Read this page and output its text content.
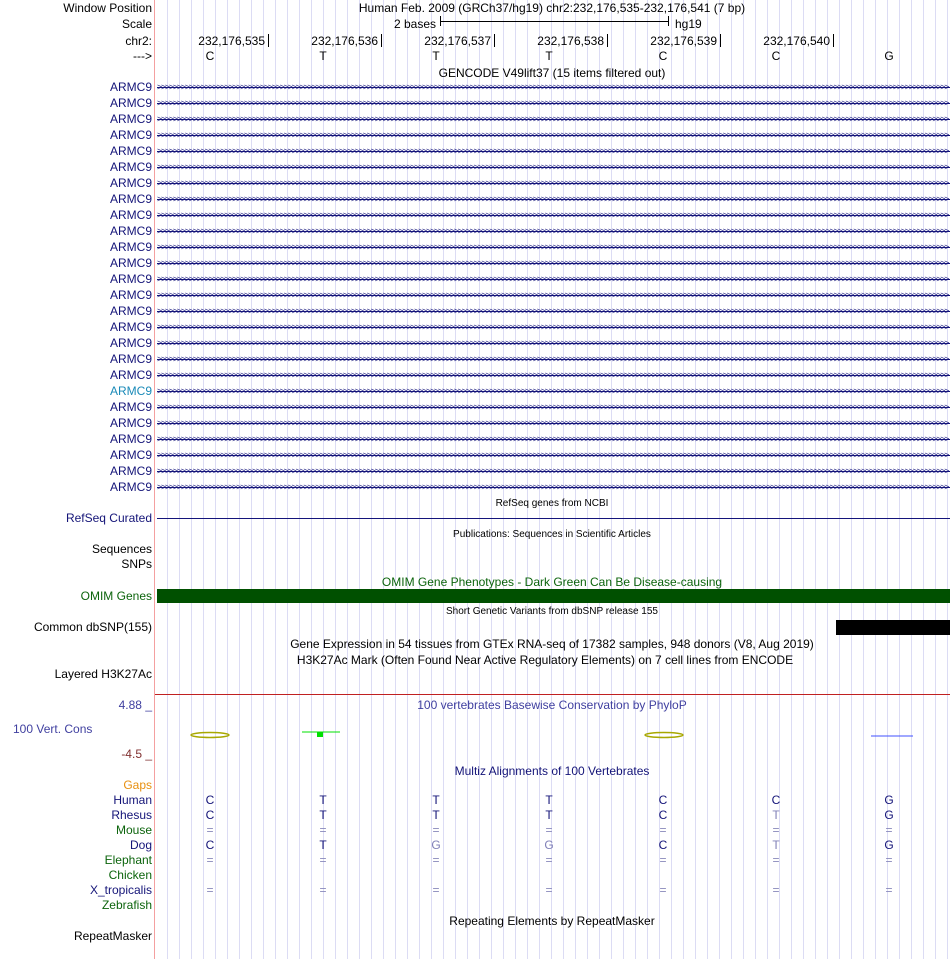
Window Position	Human Feb. 2009 (GRCh37/hg19) chr2:232,176,535-232,176,541 (7 bp)
Scale	2 bases	hg19
chr2:
--->
GENCODE V49lift37 (15 items filtered out)
ARMC9 >>>>>>>>>>>>>>>>>>>>>>>>>>>>>>>>>>>>>>>>>>>>>>>>>>>>>>>>>>>>>>>>>>>>>>>>>>>>>>>>>>>>>>>>>>>>>>>>>>>>>>>>>>>>>>>>>>>>>>>>>>>>>>>>>>>>>>>>>>>>>>>>>>>>>>>>>>>>>>>>>>>>>>>>>>>>>>>>>>>>>>>>>>>>>>>>>>>>>>>>
ARMC9 >>>>>>>>>>>>>>>>>>>>>>>>>>>>>>>>>>>>>>>>>>>>>>>>>>>>>>>>>>>>>>>>>>>>>>>>>>>>>>>>>>>>>>>>>>>>>>>>>>>>>>>>>>>>>>>>>>>>>>>>>>>>>>>>>>>>>>>>>>>>>>>>>>>>>>>>>>>>>>>>>>>>>>>>>>>>>>>>>>>>>>>>>>>>>>>>>>>>>>>>
ARMC9 >>>>>>>>>>>>>>>>>>>>>>>>>>>>>>>>>>>>>>>>>>>>>>>>>>>>>>>>>>>>>>>>>>>>>>>>>>>>>>>>>>>>>>>>>>>>>>>>>>>>>>>>>>>>>>>>>>>>>>>>>>>>>>>>>>>>>>>>>>>>>>>>>>>>>>>>>>>>>>>>>>>>>>>>>>>>>>>>>>>>>>>>>>>>>>>>>>>>>>>>
ARMC9 >>>>>>>>>>>>>>>>>>>>>>>>>>>>>>>>>>>>>>>>>>>>>>>>>>>>>>>>>>>>>>>>>>>>>>>>>>>>>>>>>>>>>>>>>>>>>>>>>>>>>>>>>>>>>>>>>>>>>>>>>>>>>>>>>>>>>>>>>>>>>>>>>>>>>>>>>>>>>>>>>>>>>>>>>>>>>>>>>>>>>>>>>>>>>>>>>>>>>>>>
ARMC9 >>>>>>>>>>>>>>>>>>>>>>>>>>>>>>>>>>>>>>>>>>>>>>>>>>>>>>>>>>>>>>>>>>>>>>>>>>>>>>>>>>>>>>>>>>>>>>>>>>>>>>>>>>>>>>>>>>>>>>>>>>>>>>>>>>>>>>>>>>>>>>>>>>>>>>>>>>>>>>>>>>>>>>>>>>>>>>>>>>>>>>>>>>>>>>>>>>>>>>>>
ARMC9 >>>>>>>>>>>>>>>>>>>>>>>>>>>>>>>>>>>>>>>>>>>>>>>>>>>>>>>>>>>>>>>>>>>>>>>>>>>>>>>>>>>>>>>>>>>>>>>>>>>>>>>>>>>>>>>>>>>>>>>>>>>>>>>>>>>>>>>>>>>>>>>>>>>>>>>>>>>>>>>>>>>>>>>>>>>>>>>>>>>>>>>>>>>>>>>>>>>>>>>>
ARMC9 >>>>>>>>>>>>>>>>>>>>>>>>>>>>>>>>>>>>>>>>>>>>>>>>>>>>>>>>>>>>>>>>>>>>>>>>>>>>>>>>>>>>>>>>>>>>>>>>>>>>>>>>>>>>>>>>>>>>>>>>>>>>>>>>>>>>>>>>>>>>>>>>>>>>>>>>>>>>>>>>>>>>>>>>>>>>>>>>>>>>>>>>>>>>>>>>>>>>>>>>
ARMC9 >>>>>>>>>>>>>>>>>>>>>>>>>>>>>>>>>>>>>>>>>>>>>>>>>>>>>>>>>>>>>>>>>>>>>>>>>>>>>>>>>>>>>>>>>>>>>>>>>>>>>>>>>>>>>>>>>>>>>>>>>>>>>>>>>>>>>>>>>>>>>>>>>>>>>>>>>>>>>>>>>>>>>>>>>>>>>>>>>>>>>>>>>>>>>>>>>>>>>>>>
ARMC9 >>>>>>>>>>>>>>>>>>>>>>>>>>>>>>>>>>>>>>>>>>>>>>>>>>>>>>>>>>>>>>>>>>>>>>>>>>>>>>>>>>>>>>>>>>>>>>>>>>>>>>>>>>>>>>>>>>>>>>>>>>>>>>>>>>>>>>>>>>>>>>>>>>>>>>>>>>>>>>>>>>>>>>>>>>>>>>>>>>>>>>>>>>>>>>>>>>>>>>>>
ARMC9 >>>>>>>>>>>>>>>>>>>>>>>>>>>>>>>>>>>>>>>>>>>>>>>>>>>>>>>>>>>>>>>>>>>>>>>>>>>>>>>>>>>>>>>>>>>>>>>>>>>>>>>>>>>>>>>>>>>>>>>>>>>>>>>>>>>>>>>>>>>>>>>>>>>>>>>>>>>>>>>>>>>>>>>>>>>>>>>>>>>>>>>>>>>>>>>>>>>>>>>>
ARMC9 >>>>>>>>>>>>>>>>>>>>>>>>>>>>>>>>>>>>>>>>>>>>>>>>>>>>>>>>>>>>>>>>>>>>>>>>>>>>>>>>>>>>>>>>>>>>>>>>>>>>>>>>>>>>>>>>>>>>>>>>>>>>>>>>>>>>>>>>>>>>>>>>>>>>>>>>>>>>>>>>>>>>>>>>>>>>>>>>>>>>>>>>>>>>>>>>>>>>>>>>
ARMC9 >>>>>>>>>>>>>>>>>>>>>>>>>>>>>>>>>>>>>>>>>>>>>>>>>>>>>>>>>>>>>>>>>>>>>>>>>>>>>>>>>>>>>>>>>>>>>>>>>>>>>>>>>>>>>>>>>>>>>>>>>>>>>>>>>>>>>>>>>>>>>>>>>>>>>>>>>>>>>>>>>>>>>>>>>>>>>>>>>>>>>>>>>>>>>>>>>>>>>>>>
ARMC9 >>>>>>>>>>>>>>>>>>>>>>>>>>>>>>>>>>>>>>>>>>>>>>>>>>>>>>>>>>>>>>>>>>>>>>>>>>>>>>>>>>>>>>>>>>>>>>>>>>>>>>>>>>>>>>>>>>>>>>>>>>>>>>>>>>>>>>>>>>>>>>>>>>>>>>>>>>>>>>>>>>>>>>>>>>>>>>>>>>>>>>>>>>>>>>>>>>>>>>>>
ARMC9 >>>>>>>>>>>>>>>>>>>>>>>>>>>>>>>>>>>>>>>>>>>>>>>>>>>>>>>>>>>>>>>>>>>>>>>>>>>>>>>>>>>>>>>>>>>>>>>>>>>>>>>>>>>>>>>>>>>>>>>>>>>>>>>>>>>>>>>>>>>>>>>>>>>>>>>>>>>>>>>>>>>>>>>>>>>>>>>>>>>>>>>>>>>>>>>>>>>>>>>>
ARMC9 >>>>>>>>>>>>>>>>>>>>>>>>>>>>>>>>>>>>>>>>>>>>>>>>>>>>>>>>>>>>>>>>>>>>>>>>>>>>>>>>>>>>>>>>>>>>>>>>>>>>>>>>>>>>>>>>>>>>>>>>>>>>>>>>>>>>>>>>>>>>>>>>>>>>>>>>>>>>>>>>>>>>>>>>>>>>>>>>>>>>>>>>>>>>>>>>>>>>>>>>
ARMC9 >>>>>>>>>>>>>>>>>>>>>>>>>>>>>>>>>>>>>>>>>>>>>>>>>>>>>>>>>>>>>>>>>>>>>>>>>>>>>>>>>>>>>>>>>>>>>>>>>>>>>>>>>>>>>>>>>>>>>>>>>>>>>>>>>>>>>>>>>>>>>>>>>>>>>>>>>>>>>>>>>>>>>>>>>>>>>>>>>>>>>>>>>>>>>>>>>>>>>>>>
ARMC9 >>>>>>>>>>>>>>>>>>>>>>>>>>>>>>>>>>>>>>>>>>>>>>>>>>>>>>>>>>>>>>>>>>>>>>>>>>>>>>>>>>>>>>>>>>>>>>>>>>>>>>>>>>>>>>>>>>>>>>>>>>>>>>>>>>>>>>>>>>>>>>>>>>>>>>>>>>>>>>>>>>>>>>>>>>>>>>>>>>>>>>>>>>>>>>>>>>>>>>>>
ARMC9 >>>>>>>>>>>>>>>>>>>>>>>>>>>>>>>>>>>>>>>>>>>>>>>>>>>>>>>>>>>>>>>>>>>>>>>>>>>>>>>>>>>>>>>>>>>>>>>>>>>>>>>>>>>>>>>>>>>>>>>>>>>>>>>>>>>>>>>>>>>>>>>>>>>>>>>>>>>>>>>>>>>>>>>>>>>>>>>>>>>>>>>>>>>>>>>>>>>>>>>>
ARMC9 >>>>>>>>>>>>>>>>>>>>>>>>>>>>>>>>>>>>>>>>>>>>>>>>>>>>>>>>>>>>>>>>>>>>>>>>>>>>>>>>>>>>>>>>>>>>>>>>>>>>>>>>>>>>>>>>>>>>>>>>>>>>>>>>>>>>>>>>>>>>>>>>>>>>>>>>>>>>>>>>>>>>>>>>>>>>>>>>>>>>>>>>>>>>>>>>>>>>>>>>
ARMC9 >>>>>>>>>>>>>>>>>>>>>>>>>>>>>>>>>>>>>>>>>>>>>>>>>>>>>>>>>>>>>>>>>>>>>>>>>>>>>>>>>>>>>>>>>>>>>>>>>>>>>>>>>>>>>>>>>>>>>>>>>>>>>>>>>>>>>>>>>>>>>>>>>>>>>>>>>>>>>>>>>>>>>>>>>>>>>>>>>>>>>>>>>>>>>>>>>>>>>>>>
ARMC9 >>>>>>>>>>>>>>>>>>>>>>>>>>>>>>>>>>>>>>>>>>>>>>>>>>>>>>>>>>>>>>>>>>>>>>>>>>>>>>>>>>>>>>>>>>>>>>>>>>>>>>>>>>>>>>>>>>>>>>>>>>>>>>>>>>>>>>>>>>>>>>>>>>>>>>>>>>>>>>>>>>>>>>>>>>>>>>>>>>>>>>>>>>>>>>>>>>>>>>>>
ARMC9 >>>>>>>>>>>>>>>>>>>>>>>>>>>>>>>>>>>>>>>>>>>>>>>>>>>>>>>>>>>>>>>>>>>>>>>>>>>>>>>>>>>>>>>>>>>>>>>>>>>>>>>>>>>>>>>>>>>>>>>>>>>>>>>>>>>>>>>>>>>>>>>>>>>>>>>>>>>>>>>>>>>>>>>>>>>>>>>>>>>>>>>>>>>>>>>>>>>>>>>>
ARMC9 >>>>>>>>>>>>>>>>>>>>>>>>>>>>>>>>>>>>>>>>>>>>>>>>>>>>>>>>>>>>>>>>>>>>>>>>>>>>>>>>>>>>>>>>>>>>>>>>>>>>>>>>>>>>>>>>>>>>>>>>>>>>>>>>>>>>>>>>>>>>>>>>>>>>>>>>>>>>>>>>>>>>>>>>>>>>>>>>>>>>>>>>>>>>>>>>>>>>>>>>
ARMC9 >>>>>>>>>>>>>>>>>>>>>>>>>>>>>>>>>>>>>>>>>>>>>>>>>>>>>>>>>>>>>>>>>>>>>>>>>>>>>>>>>>>>>>>>>>>>>>>>>>>>>>>>>>>>>>>>>>>>>>>>>>>>>>>>>>>>>>>>>>>>>>>>>>>>>>>>>>>>>>>>>>>>>>>>>>>>>>>>>>>>>>>>>>>>>>>>>>>>>>>>
ARMC9 >>>>>>>>>>>>>>>>>>>>>>>>>>>>>>>>>>>>>>>>>>>>>>>>>>>>>>>>>>>>>>>>>>>>>>>>>>>>>>>>>>>>>>>>>>>>>>>>>>>>>>>>>>>>>>>>>>>>>>>>>>>>>>>>>>>>>>>>>>>>>>>>>>>>>>>>>>>>>>>>>>>>>>>>>>>>>>>>>>>>>>>>>>>>>>>>>>>>>>>>
ARMC9 >>>>>>>>>>>>>>>>>>>>>>>>>>>>>>>>>>>>>>>>>>>>>>>>>>>>>>>>>>>>>>>>>>>>>>>>>>>>>>>>>>>>>>>>>>>>>>>>>>>>>>>>>>>>>>>>>>>>>>>>>>>>>>>>>>>>>>>>>>>>>>>>>>>>>>>>>>>>>>>>>>>>>>>>>>>>>>>>>>>>>>>>>>>>>>>>>>>>>>>>
RefSeq genes from NCBI
RefSeq Curated
Publications: Sequences in Scientific Articles
Sequences
SNPs
OMIM Gene Phenotypes - Dark Green Can Be Disease-causing
OMIM Genes
Short Genetic Variants from dbSNP release 155
Common dbSNP(155)
Gene Expression in 54 tissues from GTEx RNA-seq of 17382 samples, 948 donors (V8, Aug 2019)
H3K27Ac Mark (Often Found Near Active Regulatory Elements) on 7 cell lines from ENCODE
Layered H3K27Ac
100 vertebrates Basewise Conservation by PhyloP
4.88 _
100 Vert. Cons
-4.5 _
Multiz Alignments of 100 Vertebrates
Gaps
Human	C	T	T	T	C	C	G
Rhesus	C	T	T	T	C	T	G
Mouse	=	=	=	=	=	=	=
Dog	C	T	G	G	C	T	G
Elephant	=	=	=	=	=	=	=
Chicken
X_tropicalis	=	=	=	=	=	=	=
Zebrafish
Repeating Elements by RepeatMasker
RepeatMasker
232,176,535	232,176,536	232,176,537	232,176,538	232,176,539	232,176,540
C	T	T	T	C	C	G
